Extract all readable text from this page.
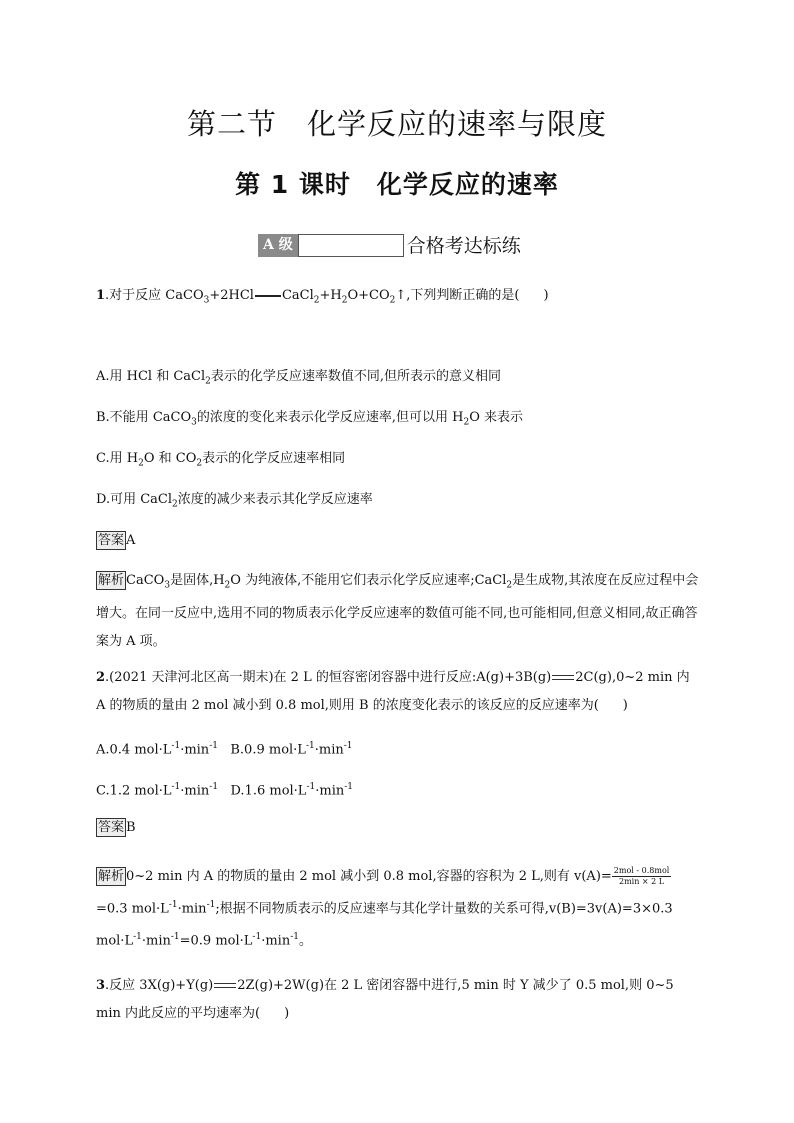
第二节　化学反应的速率与限度
第 1 课时　化学反应的速率
A 级	合格考达标练
1.对于反应 CaCO$_3$+2HCl $CaCl_2+H_2O+CO_2↑$,下列判断正确的是( )
A.用 HCl 和 CaCl$_2$表示的化学反应速率数值不同,但所表示的意义相同
B.不能用 CaCO$_3$的浓度的变化来表示化学反应速率,但可以用 $H_2O$ 来表示
C.用 $H_2O$ 和 $CO_2$表示的化学反应速率相同
D.可用 CaCl$_2$浓度的减少来表示其化学反应速率
答案 A
解析 CaCO$_3$是固体$,H_2O$ 为纯液体,不能用它们表示化学反应速率;CaCl$_2$是生成物,其浓度在反应过程中会增大。在同一反应中,选用不同的物质表示化学反应速率的数值可能不同,也可能相同,但意义相同,故正确答案为 A 项。
2.(2021 天津河北区高一期末)在 2 L 的恒容密闭容器中进行反应:A(g)+3B(g) 2C(g),0~2 min 内 A 的物质的量由 2 mol 减小到 0.8 mol,则用 B 的浓度变化表示的该反应的反应速率为( )
A.0.4 $mol\cdot L^{-1}\cdot\min^{-1}$ B.0.9 $mol\cdot L^{-1}\cdot\min^{-1}$
C.1.2 $mol\cdot L^{-1}\cdot\min^{-1}$ D.1.6 $mol\cdot L^{-1}\cdot\min^{-1}$
答案 B
解析 0~2 min 内 A 的物质的量由 2 mol 减小到 0.8 mol,容器的容积为 2 L,则有 $v(A)= \frac{\text{2mol - 0.8mol}}{2\min \times 2 L}$
=0.3 $mol\cdot L^{-1}\cdot\min^{-1}$;根据不同物质表示的反应速率与其化学计量数的关系可得,v(B)=3v(A)=3×0.3 $mol\cdot L^{-1}\cdot\min^{-1}=0.9$ $mol\cdot L^{-1}\cdot\min^{-1}$。
3.反应 3X(g)+Y(g) 2Z(g)+2W(g)在 2 L 密闭容器中进行,5 min 时 Y 减少了 0.5 mol,则 0~5 min 内此反应的平均速率为( )
